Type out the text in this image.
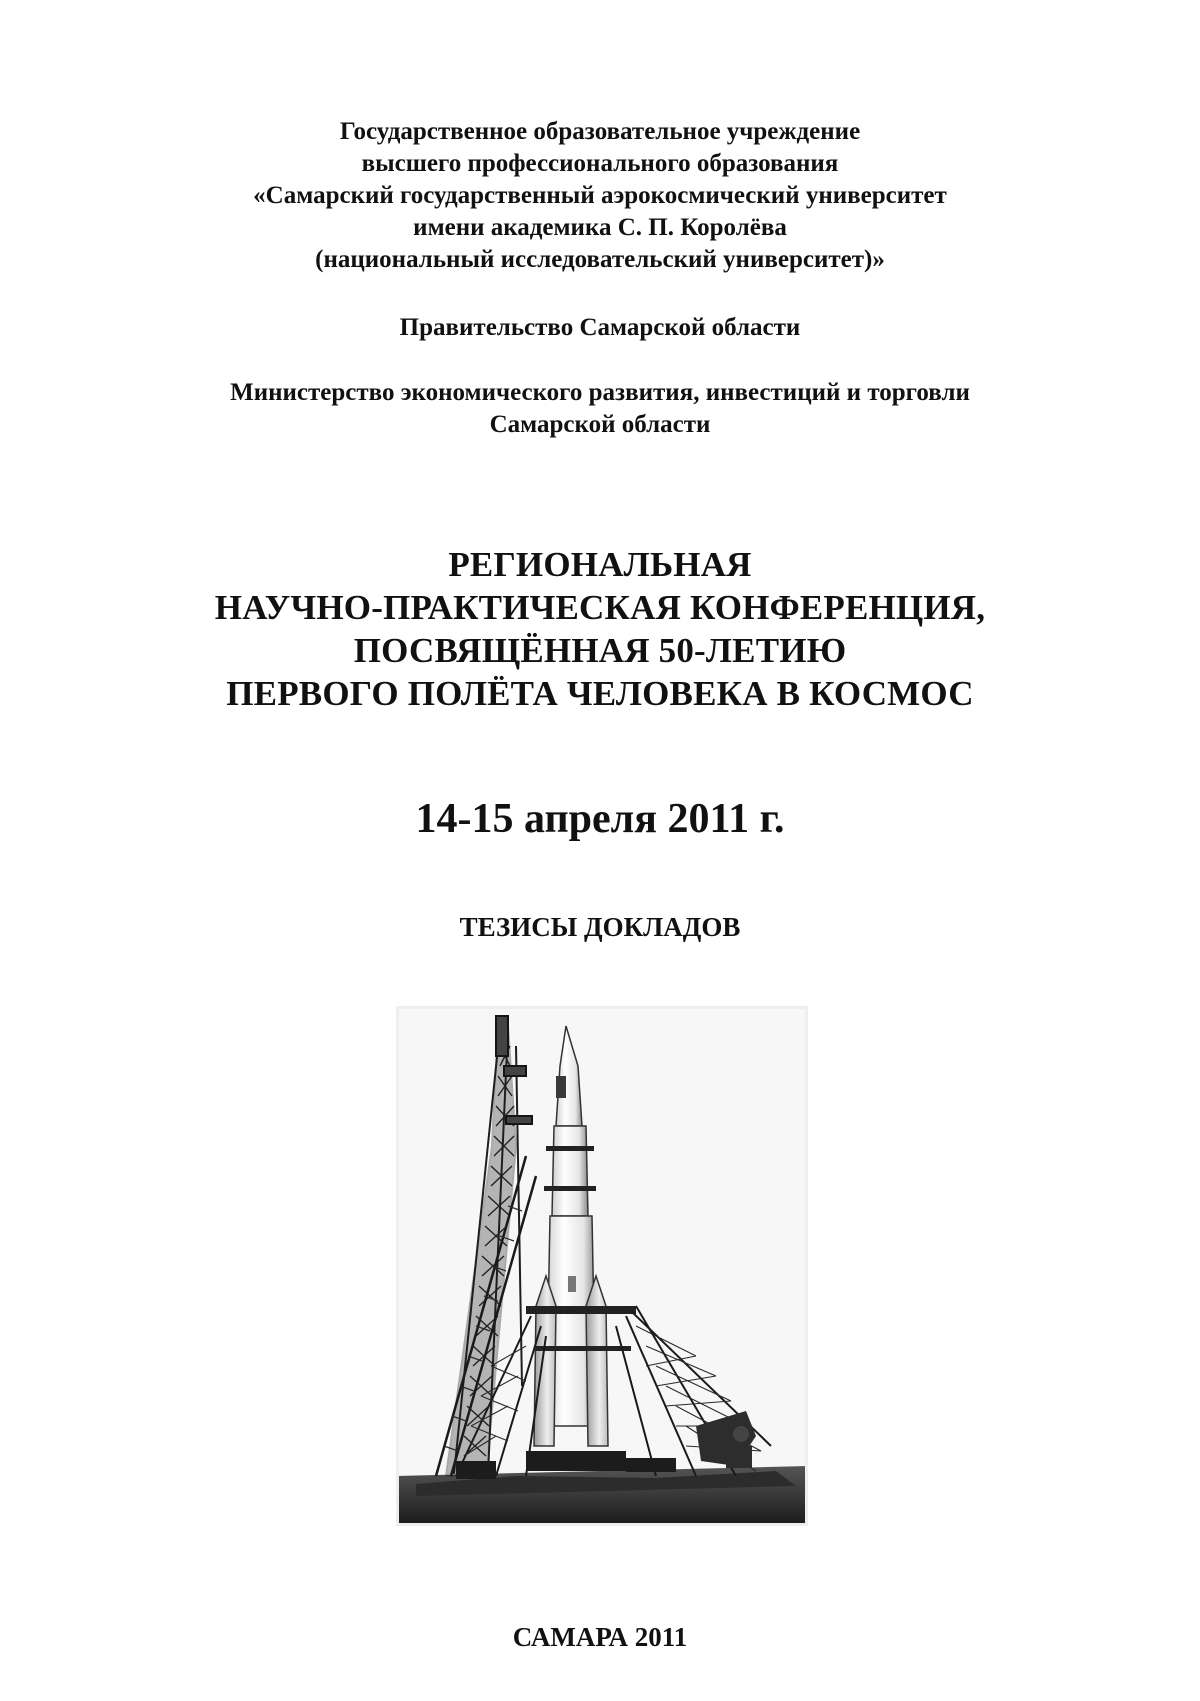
Государственное образовательное учреждение
высшего профессионального образования
«Самарский государственный аэрокосмический университет
имени академика С. П. Королёва
(национальный исследовательский университет)»
Правительство Самарской области
Министерство экономического развития, инвестиций и торговли
Самарской области
РЕГИОНАЛЬНАЯ
НАУЧНО-ПРАКТИЧЕСКАЯ КОНФЕРЕНЦИЯ,
ПОСВЯЩЁННАЯ 50-ЛЕТИЮ
ПЕРВОГО ПОЛЁТА ЧЕЛОВЕКА В КОСМОС
14-15 апреля 2011 г.
ТЕЗИСЫ ДОКЛАДОВ
САМАРА 2011
